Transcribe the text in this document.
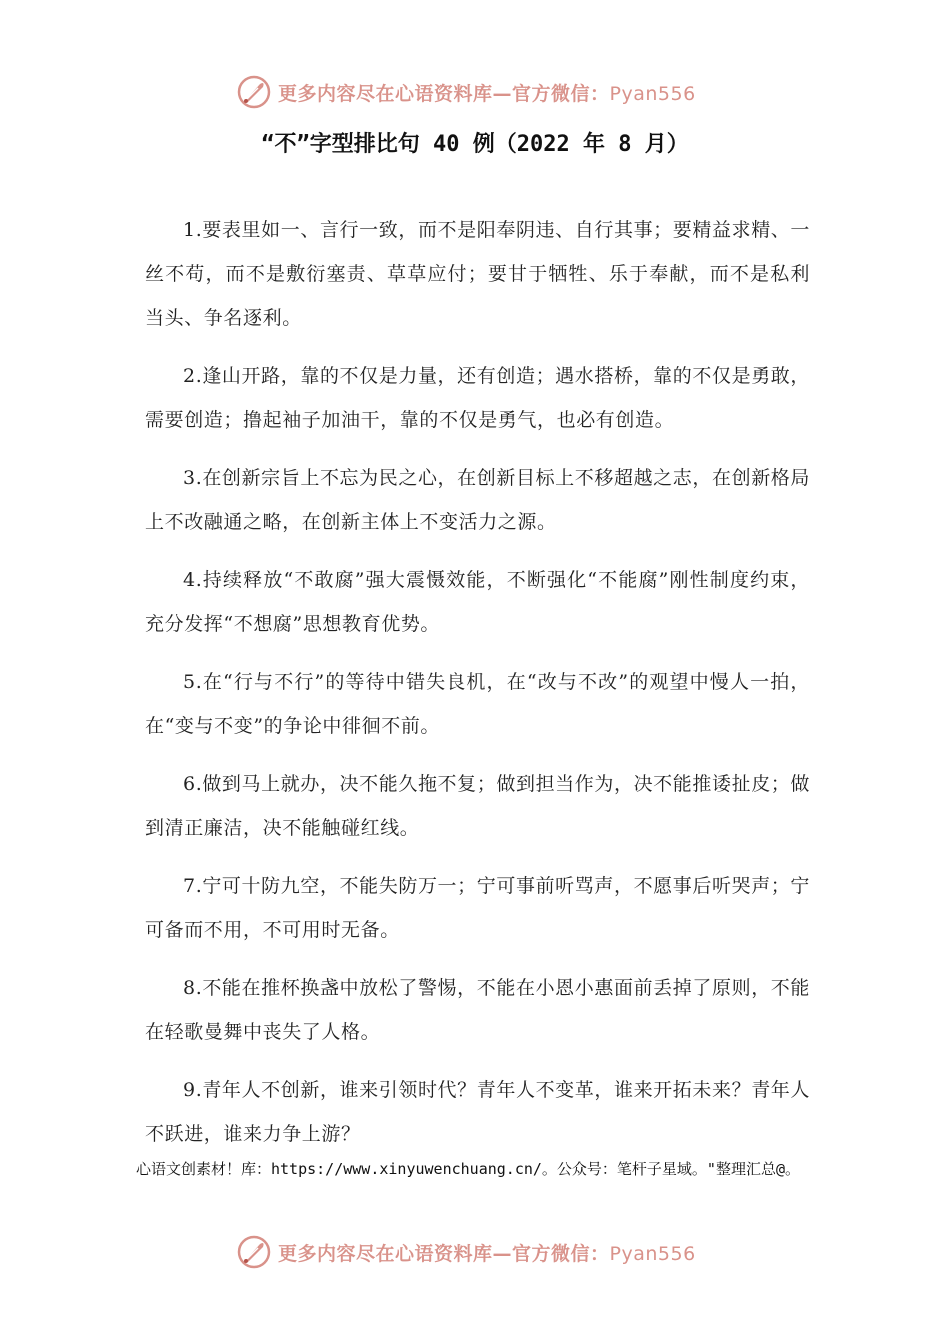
更多内容尽在心语资料库—官方微信：Pyan556
“不”字型排比句 40 例（2022 年 8 月）

1.要表里如一、言行一致，而不是阳奉阴违、自行其事；要精益求精、一丝不苟，而不是敷衍塞责、草草应付；要甘于牺牲、乐于奉献，而不是私利当头、争名逐利。

2.逢山开路，靠的不仅是力量，还有创造；遇水搭桥，靠的不仅是勇敢，需要创造；撸起袖子加油干，靠的不仅是勇气，也必有创造。

3.在创新宗旨上不忘为民之心，在创新目标上不移超越之志，在创新格局上不改融通之略，在创新主体上不变活力之源。

4.持续释放“不敢腐”强大震慑效能，不断强化“不能腐”刚性制度约束，充分发挥“不想腐”思想教育优势。

5.在“行与不行”的等待中错失良机，在“改与不改”的观望中慢人一拍，在“变与不变”的争论中徘徊不前。

6.做到马上就办，决不能久拖不复；做到担当作为，决不能推诿扯皮；做到清正廉洁，决不能触碰红线。

7.宁可十防九空，不能失防万一；宁可事前听骂声，不愿事后听哭声；宁可备而不用，不可用时无备。

8.不能在推杯换盏中放松了警惕，不能在小恩小惠面前丢掉了原则，不能在轻歌曼舞中丧失了人格。

9.青年人不创新，谁来引领时代？青年人不变革，谁来开拓未来？青年人不跃进，谁来力争上游？

心语文创素材！库：https://www.xinyuwenchuang.cn/。公众号：笔杆子星域。"整理汇总@。
更多内容尽在心语资料库—官方微信：Pyan556
